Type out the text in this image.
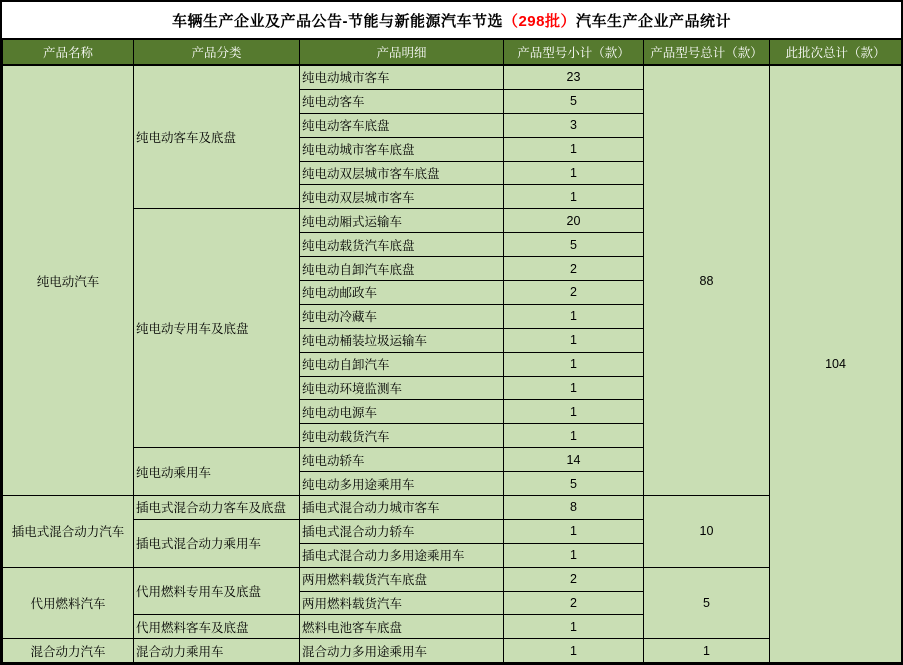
车辆生产企业及产品公告-节能与新能源汽车节选 （298批） 汽车生产企业产品统计
产品名称	产品分类	产品明细	产品型号小计（款）	产品型号总计（款）	此批次总计（款）
纯电动汽车	纯电动客车及底盘	纯电动城市客车	23	88	104
		纯电动客车	5		
		纯电动客车底盘	3		
		纯电动城市客车底盘	1		
		纯电动双层城市客车底盘	1		
		纯电动双层城市客车	1		
	纯电动专用车及底盘	纯电动厢式运输车	20		
		纯电动载货汽车底盘	5		
		纯电动自卸汽车底盘	2		
		纯电动邮政车	2		
		纯电动冷藏车	1		
		纯电动桶装垃圾运输车	1		
		纯电动自卸汽车	1		
		纯电动环境监测车	1		
		纯电动电源车	1		
		纯电动载货汽车	1		
	纯电动乘用车	纯电动轿车	14		
		纯电动多用途乘用车	5		
插电式混合动力汽车	插电式混合动力客车及底盘	插电式混合动力城市客车	8	10	
	插电式混合动力乘用车	插电式混合动力轿车	1		
		插电式混合动力多用途乘用车	1		
代用燃料汽车	代用燃料专用车及底盘	两用燃料载货汽车底盘	2	5	
		两用燃料载货汽车	2		
	代用燃料客车及底盘	燃料电池客车底盘	1		
混合动力汽车	混合动力乘用车	混合动力多用途乘用车	1	1	
